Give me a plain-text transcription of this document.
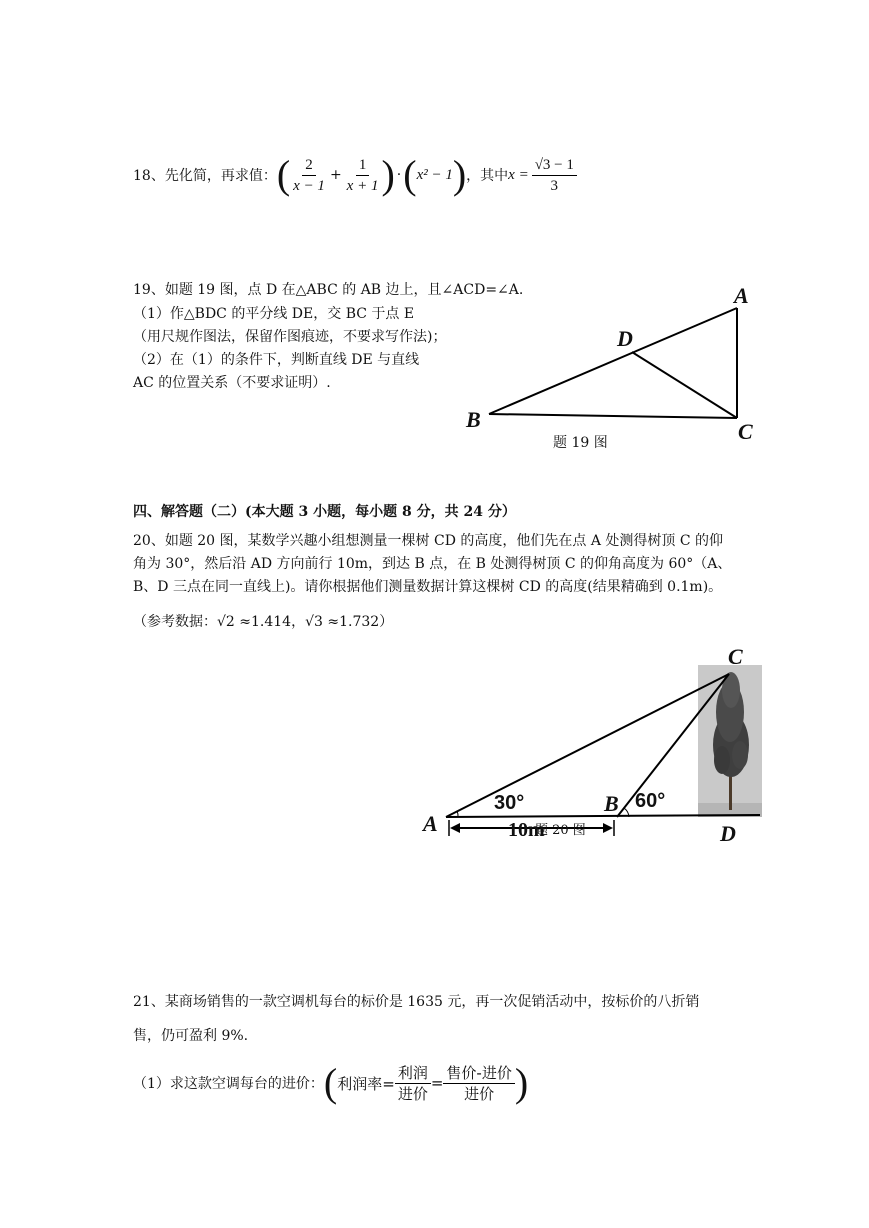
18、先化简，再求值： ( $\frac{2}{x - 1} + \frac{1}{x + 1}$ ) · ( x² − 1 ) ，其中 $x = \frac{√3 - 1}{3}$
19、如题 19 图，点 D 在△ABC 的 AB 边上，且∠ACD=∠A.
（1）作△BDC 的平分线 DE，交 BC 于点 E
（用尺规作图法，保留作图痕迹，不要求写作法)；
（2）在（1）的条件下，判断直线 DE 与直线
AC 的位置关系（不要求证明）.
A
D
B	C
题 19 图
四、解答题（二）(本大题 3 小题，每小题 8 分，共 24 分）
20、如题 20 图，某数学兴趣小组想测量一棵树 CD 的高度，他们先在点 A 处测得树顶 C 的仰
角为 30°，然后沿 AD 方向前行 10m，到达 B 点，在 B 处测得树顶 C 的仰角高度为 60°（A、
B、D 三点在同一直线上)。请你根据他们测量数据计算这棵树 CD 的高度(结果精确到 0.1m)。
（参考数据：√2 ≈1.414，√3 ≈1.732）
C
A
B
D
30°	60°
题 20 图
10m
21、某商场销售的一款空调机每台的标价是 1635 元，再一次促销活动中，按标价的八折销
售，仍可盈利 9%.
（1）求这款空调每台的进价： ( 利润率= $\frac{\text{利润}}{\text{进价}} = \frac{\text{售价-进价}}{\text{进价}}$ )
